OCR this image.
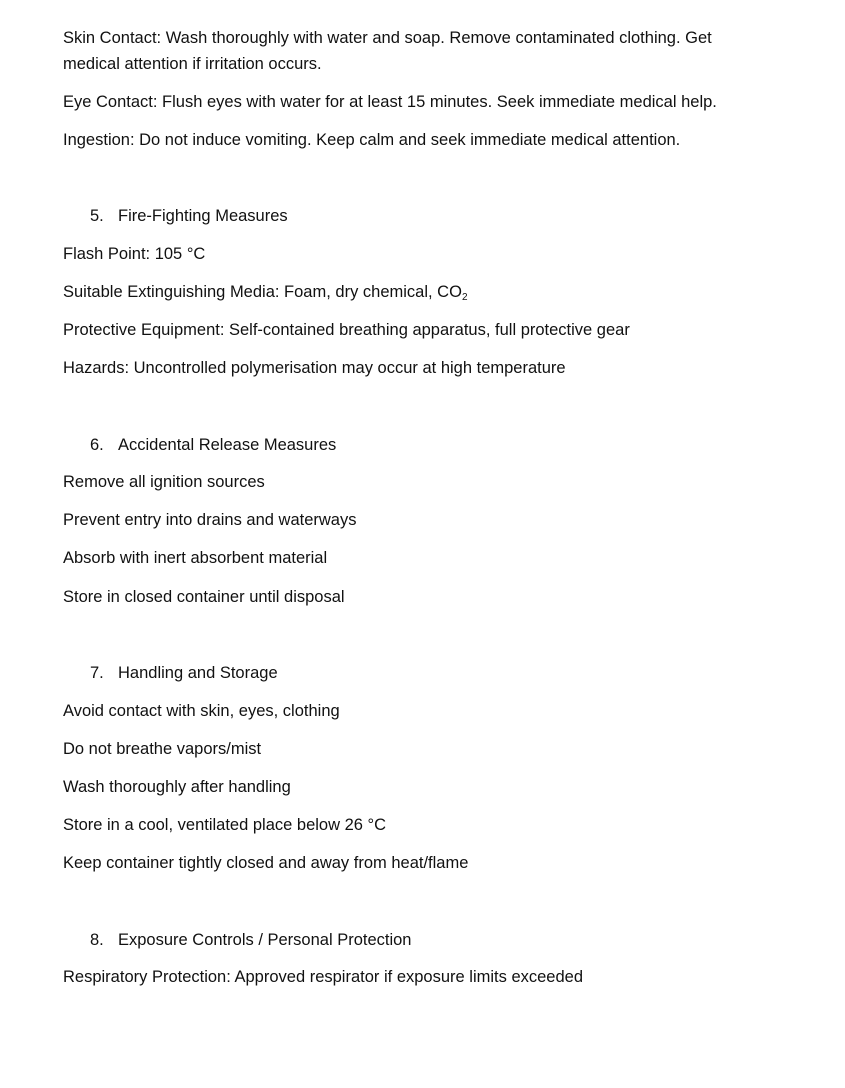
Skin Contact: Wash thoroughly with water and soap. Remove contaminated clothing. Get
medical attention if irritation occurs.
Eye Contact: Flush eyes with water for at least 15 minutes. Seek immediate medical help.
Ingestion: Do not induce vomiting. Keep calm and seek immediate medical attention.
5. Fire-Fighting Measures
Flash Point: 105 °C
Suitable Extinguishing Media: Foam, dry chemical, $CO_2$
Protective Equipment: Self-contained breathing apparatus, full protective gear
Hazards: Uncontrolled polymerisation may occur at high temperature
6. Accidental Release Measures
Remove all ignition sources
Prevent entry into drains and waterways
Absorb with inert absorbent material
Store in closed container until disposal
7. Handling and Storage
Avoid contact with skin, eyes, clothing
Do not breathe vapors/mist
Wash thoroughly after handling
Store in a cool, ventilated place below 26 °C
Keep container tightly closed and away from heat/flame
8. Exposure Controls / Personal Protection
Respiratory Protection: Approved respirator if exposure limits exceeded
